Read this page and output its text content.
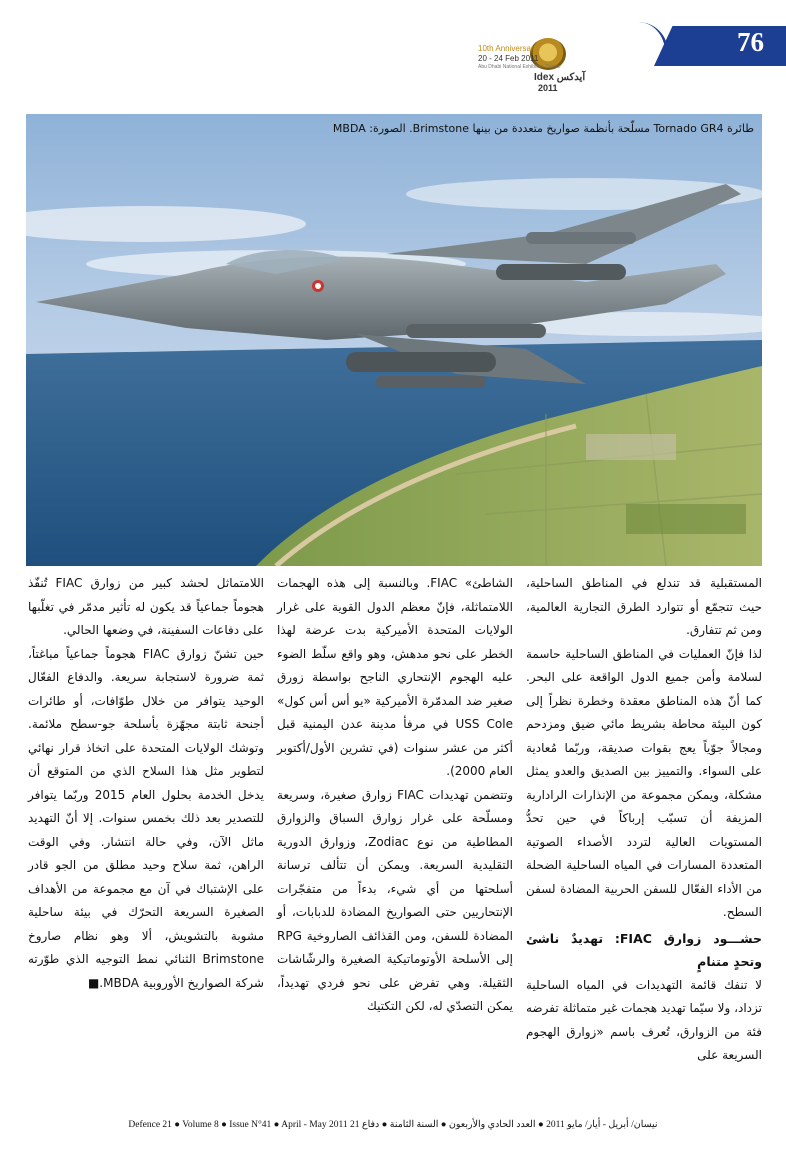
76
10th Anniversary
20 - 24 Feb 2011
Abu Dhabi National Exhibition Centre
Idex آيدكس
2011
طائرة Tornado GR4 مسلّحة بأنظمة صواريخ متعددة من بينها Brimstone. الصورة: MBDA

المستقبلية قد تندلع في المناطق الساحلية، حيث تتجمّع أو تتوارد الطرق التجارية العالمية، ومن ثم تتفارق.

لذا فإنّ العمليات في المناطق الساحلية حاسمة لسلامة وأمن جميع الدول الواقعة على البحر. كما أنّ هذه المناطق معقدة وخطرة نظراً إلى كون البيئة محاطة بشريط مائي ضيق ومزدحم ومجالاً جوّياً يعج بقوات صديقة، وربّما مُعادية على السواء. والتمييز بين الصديق والعدو يمثل مشكلة، ويمكن مجموعة من الإنذارات الرادارية المزيفة أن تسبّب إرباكاً في حين تحدُّ المستويات العالية لتردد الأصداء الصوتية المتعددة المسارات في المياه الساحلية الضحلة من الأداء الفعّال للسفن الحربية المضادة لسفن السطح.

حشـــود زوارق FIAC: تهديدٌ ناشئ وتحدٍ متنامٍ

لا تنفك قائمة التهديدات في المياه الساحلية تزداد، ولا سيّما تهديد هجمات غير متماثلة تفرضه فئة من الزوارق، تُعرف باسم «زوارق الهجوم السريعة على

الشاطئ» FIAC. وبالنسبة إلى هذه الهجمات اللامتماثلة، فإنّ معظم الدول القوية على غرار الولايات المتحدة الأميركية بدت عرضة لهذا الخطر على نحو مدهش، وهو واقع سلّط الضوء عليه الهجوم الإنتحاري الناجح بواسطة زورق صغير ضد المدمّرة الأميركية «يو أس أس كول» USS Cole في مرفأ مدينة عدن اليمنية قبل أكثر من عشر سنوات (في تشرين الأول/أكتوبر العام 2000).

وتتضمن تهديدات FIAC زوارق صغيرة، وسريعة ومسلّحة على غرار زوارق السباق والزوارق المطاطية من نوع Zodiac، وزوارق الدورية التقليدية السريعة. ويمكن أن تتألف ترسانة أسلحتها من أي شيء، بدءاً من متفجّرات الإنتحاريين حتى الصواريخ المضادة للدبابات، أو المضادة للسفن، ومن القذائف الصاروخية RPG إلى الأسلحة الأوتوماتيكية الصغيرة والرشّاشات الثقيلة. وهي تفرض على نحو فردي تهديداً، يمكن التصدّي له، لكن التكتيك

اللامتماثل لحشد كبير من زوارق FIAC تُنفّذ هجوماً جماعياً قد يكون له تأثير مدمّر في تغلّبها على دفاعات السفينة، في وضعها الحالي.

حين تشنّ زوارق FIAC هجوماً جماعياً مباغتاً، ثمة ضرورة لاستجابة سريعة. والدفاع الفعّال الوحيد يتوافر من خلال طوّافات، أو طائرات أجنحة ثابتة مجهّزة بأسلحة جو-سطح ملائمة. وتوشك الولايات المتحدة على اتخاذ قرار نهائي لتطوير مثل هذا السلاح الذي من المتوقع أن يدخل الخدمة بحلول العام 2015 وربّما يتوافر للتصدير بعد ذلك بخمس سنوات. إلا أنّ التهديد ماثل الآن، وفي حالة انتشار. وفي الوقت الراهن، ثمة سلاح وحيد مطلق من الجو قادر على الإشتباك في آن مع مجموعة من الأهداف الصغيرة السريعة التحرّك في بيئة ساحلية مشوبة بالتشويش، ألا وهو نظام صاروخ Brimstone الثنائي نمط التوجيه الذي طوّرته شركة الصواريخ الأوروبية MBDA.■

Defence 21 ● Volume 8 ● Issue N°41 ● April - May 2011 نيسان/ أبريل - أيار/ مايو 2011 ● العدد الحادي والأربعون ● السنة الثامنة ● دفاع 21
